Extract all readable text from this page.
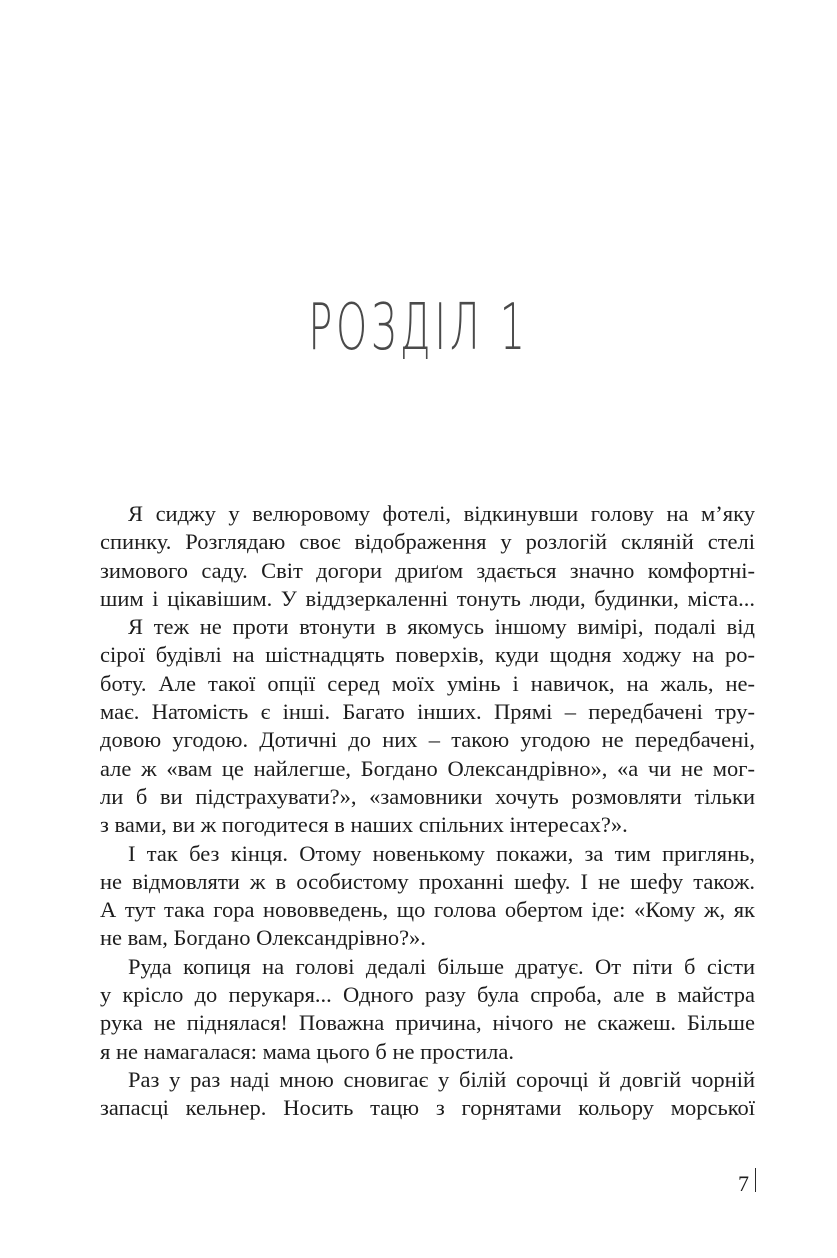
РОЗДІЛ 1

Я сиджу у велюровому фотелі, відкинувши голову на м’яку
спинку. Розглядаю своє відображення у розлогій скляній стелі
зимового саду. Світ догори дриґом здається значно комфортні-
шим і цікавішим. У віддзеркаленні тонуть люди, будинки, міста...

Я теж не проти втонути в якомусь іншому вимірі, подалі від
сірої будівлі на шістнадцять поверхів, куди щодня ходжу на ро-
боту. Але такої опції серед моїх умінь і навичок, на жаль, не-
має. Натомість є інші. Багато інших. Прямі – передбачені тру-
довою угодою. Дотичні до них – такою угодою не передбачені,
але ж «вам це найлегше, Богдано Олександрівно», «а чи не мог-
ли б ви підстрахувати?», «замовники хочуть розмовляти тільки
з вами, ви ж погодитеся в наших спільних інтересах?».

І так без кінця. Отому новенькому покажи, за тим приглянь,
не відмовляти ж в особистому проханні шефу. І не шефу також.
А тут така гора нововведень, що голова обертом іде: «Кому ж, як
не вам, Богдано Олександрівно?».

Руда копиця на голові дедалі більше дратує. От піти б сісти
у крісло до перукаря... Одного разу була спроба, але в майстра
рука не піднялася! Поважна причина, нічого не скажеш. Більше
я не намагалася: мама цього б не простила.

Раз у раз наді мною сновигає у білій сорочці й довгій чорній
запасці кельнер. Носить тацю з горнятами кольору морської

7
